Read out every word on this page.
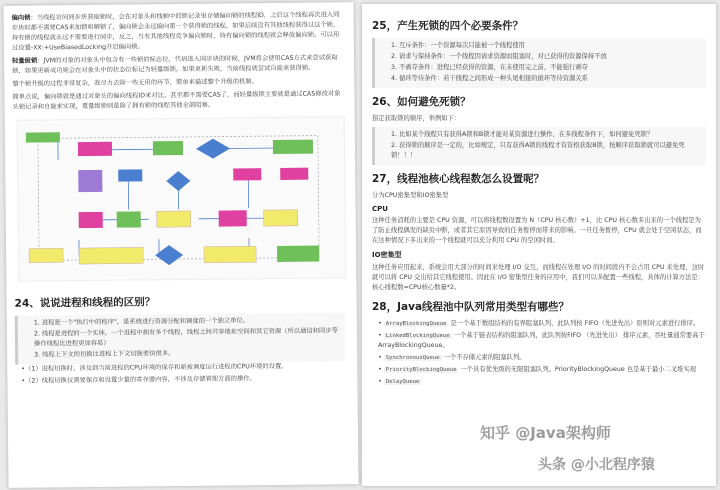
偏向锁：当线程访问同步块获取锁时，会在对象头和栈帧中的锁记录里存储偏向锁的线程ID，之后这个线程再次进入同步块时都不需要CAS来加锁和解锁了，偏向锁会永远偏向第一个获得锁的线程，如果后续没有其他线程获得过这个锁，持有锁的线程就永远不需要进行同步，反之，当有其他线程竞争偏向锁时，持有偏向锁的线程就会释放偏向锁。可以用过设置-XX:+UseBiasedLocking开启偏向锁。

轻量级锁：JVM的对象的对象头中包含有一些锁的标志位，代码进入同步块的时候，JVM将会使用CAS方式来尝试获取锁，如果更新成功则会在对象头中的状态位标记为轻量级锁，如果更新失败，当前线程就尝试自旋来获得锁。

整个锁升级的过程非常复杂，我尽力去除一些无用的环节，简单来描述整个升级的机制。

简单点说，偏向锁就是通过对象头的偏向线程ID来对比，甚至都不需要CAS了，而轻量级锁主要就是通过CAS修改对象头锁记录和自旋来实现，重量级锁则是除了拥有锁的线程其他全部阻塞。

24、说说进程和线程的区别？

1. 进程是一个"执行中的程序"，是系统进行资源分配和调度的一个独立单位。

2. 线程是进程的一个实体，一个进程中拥有多个线程，线程之间共享地址空间和其它资源（所以通信和同步等操作线程比进程更加容易）

3. 线程上下文的切换比进程上下文切换要快很多。

•（1）进程切换时，涉及到当前进程的CPU环境的保存和新被调度运行进程的CPU环境的设置。

•（2）线程切换仅需要保存和设置少量的寄存器内容，不涉及存储管理方面的操作。

25，产生死锁的四个必要条件？

1. 互斥条件：一个资源每次只能被一个线程使用

2. 请求与保持条件：一个线程因请求资源而阻塞时，对已获得的资源保持不放

3. 不剥夺条件：进程已经获得的资源，在未使用完之前，不能强行剥夺

4. 循环等待条件：若干线程之间形成一种头尾相接的循环等待资源关系

26、如何避免死锁？

指定获取锁的顺序，举例如下：

1. 比如某个线程只有获得A锁和B锁才能对某资源进行操作，在多线程条件下，如何避免死锁？

2. 获得锁的顺序是一定的，比如规定，只有获得A锁的线程才有资格获取B锁，按顺序获取锁就可以避免死锁！！！

27，线程池核心线程数怎么设置呢？

分为CPU密集型和IO密集型

CPU

这种任务消耗的主要是 CPU 资源，可以将线程数设置为 N（CPU 核心数）+1，比 CPU 核心数多出来的一个线程是为了防止线程偶发的缺页中断，或者其它原因导致的任务暂停而带来的影响。一旦任务暂停，CPU 就会处于空闲状态，而在这种情况下多出来的一个线程就可以充分利用 CPU 的空闲时间。

IO密集型

这种任务应用起来，系统会用大部分的时间来处理 I/O 交互，而线程在处理 I/O 的时间段内不会占用 CPU 来处理，这时就可以将 CPU 交出给其它线程使用。因此在 I/O 密集型任务的应用中，我们可以多配置一些线程，具体的计算方法是： 核心线程数=CPU核心数量*2。

28，Java线程池中队列常用类型有哪些？

• ArrayBlockingQueue 是一个基于数组结构的有界阻塞队列，此队列按 FIFO（先进先出）原则对元素进行排序。

• LinkedBlockingQueue 一个基于链表结构的阻塞队列，此队列按FIFO （先进先出） 排序元素，吞吐量通常要高于 ArrayBlockingQueue。

• SynchronousQueue 一个不存储元素的阻塞队列。

• PriorityBlockingQueue 一个具有优先级的无限阻塞队列。PriorityBlockingQueue 也是基于最小二叉堆实现

• DelayQueue

知乎 @Java架构师
头条 @小北程序猿
